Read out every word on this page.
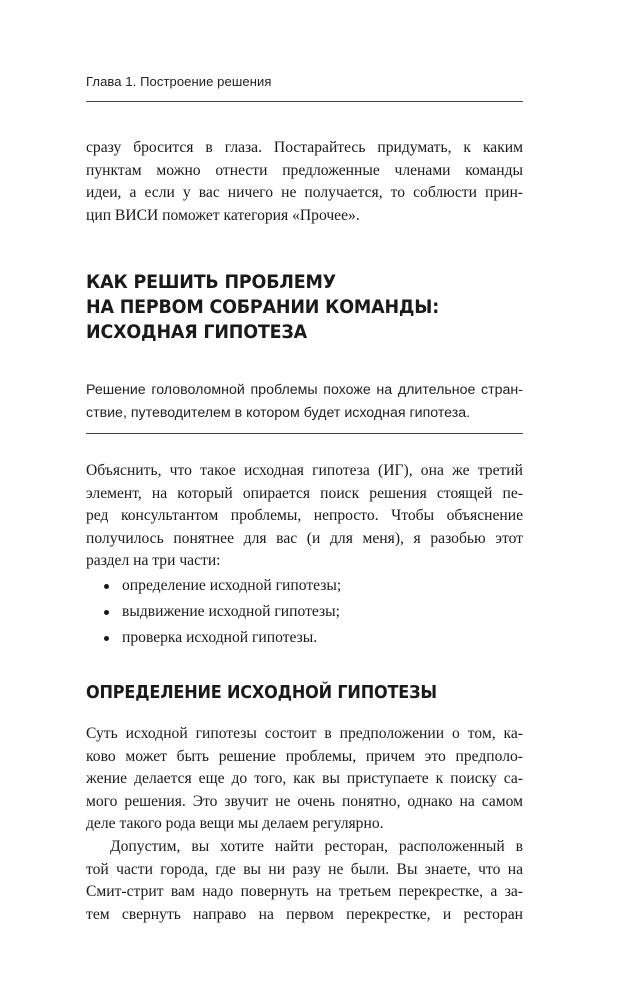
Глава 1. Построение решения
сразу бросится в глаза. Постарайтесь придумать, к каким
пунктам можно отнести предложенные членами команды
идеи, а если у вас ничего не получается, то соблюсти прин-
цип ВИСИ поможет категория «Прочее».
КАК РЕШИТЬ ПРОБЛЕМУ
НА ПЕРВОМ СОБРАНИИ КОМАНДЫ:
ИСХОДНАЯ ГИПОТЕЗА
Решение головоломной проблемы похоже на длительное стран-
ствие, путеводителем в котором будет исходная гипотеза.
Объяснить, что такое исходная гипотеза (ИГ), она же третий
элемент, на который опирается поиск решения стоящей пе-
ред консультантом проблемы, непросто. Чтобы объяснение
получилось понятнее для вас (и для меня), я разобью этот
раздел на три части:
определение исходной гипотезы;
выдвижение исходной гипотезы;
проверка исходной гипотезы.
ОПРЕДЕЛЕНИЕ ИСХОДНОЙ ГИПОТЕЗЫ
Суть исходной гипотезы состоит в предположении о том, ка-
ково может быть решение проблемы, причем это предполо-
жение делается еще до того, как вы приступаете к поиску са-
мого решения. Это звучит не очень понятно, однако на самом
деле такого рода вещи мы делаем регулярно.
Допустим, вы хотите найти ресторан, расположенный в
той части города, где вы ни разу не были. Вы знаете, что на
Смит-стрит вам надо повернуть на третьем перекрестке, а за-
тем свернуть направо на первом перекрестке, и ресторан
